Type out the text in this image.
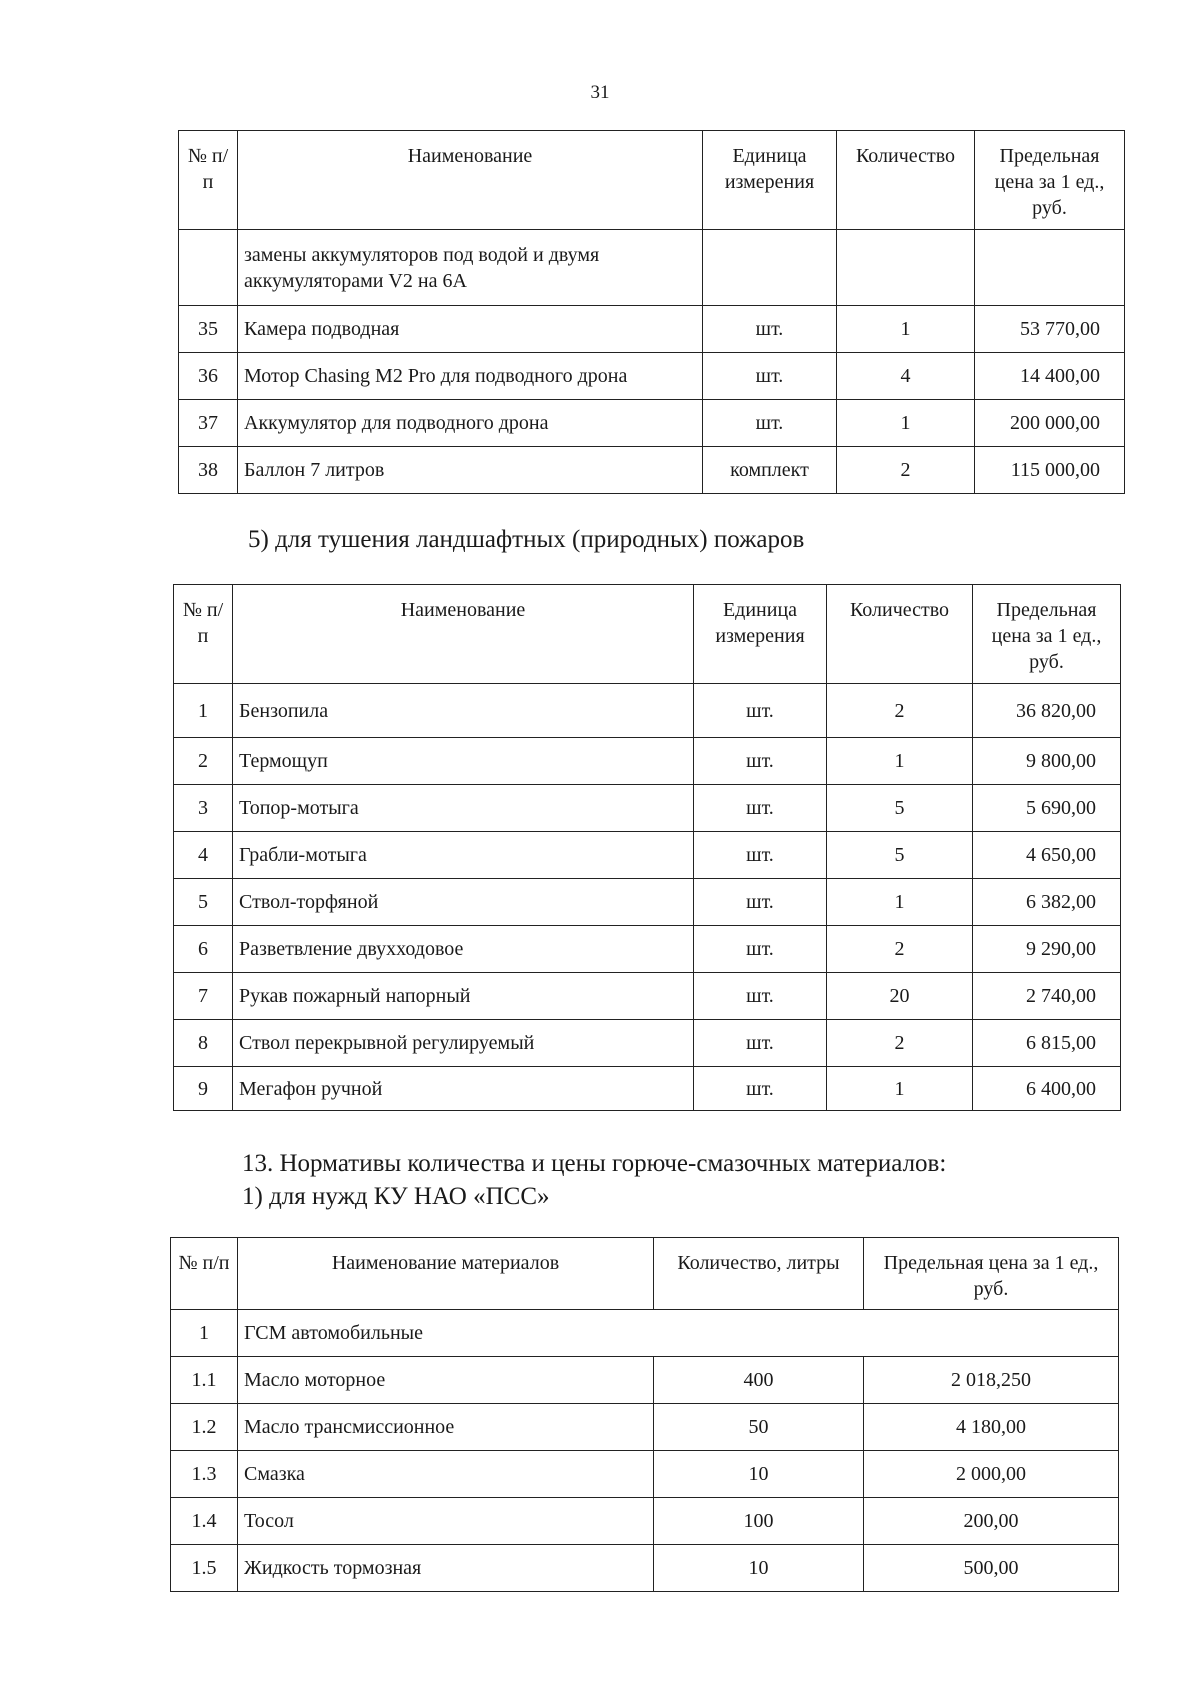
31
№ п/п	Наименование	Единица измерения	Количество	Предельная цена за 1 ед., руб.
	замены аккумуляторов под водой и двумя аккумуляторами V2 на 6А			
35	Камера подводная	шт.	1	53 770,00
36	Мотор Chasing M2 Pro для подводного дрона	шт.	4	14 400,00
37	Аккумулятор для подводного дрона	шт.	1	200 000,00
38	Баллон 7 литров	комплект	2	115 000,00
5) для тушения ландшафтных (природных) пожаров
№ п/п	Наименование	Единица измерения	Количество	Предельная цена за 1 ед., руб.
1	Бензопила	шт.	2	36 820,00
2	Термощуп	шт.	1	9 800,00
3	Топор-мотыга	шт.	5	5 690,00
4	Грабли-мотыга	шт.	5	4 650,00
5	Ствол-торфяной	шт.	1	6 382,00
6	Разветвление двухходовое	шт.	2	9 290,00
7	Рукав пожарный напорный	шт.	20	2 740,00
8	Ствол перекрывной регулируемый	шт.	2	6 815,00
9	Мегафон ручной	шт.	1	6 400,00
13. Нормативы количества и цены горюче-смазочных материалов:
1) для нужд КУ НАО «ПСС»
№ п/п	Наименование материалов	Количество, литры	Предельная цена за 1 ед., руб.
1	ГСМ автомобильные		
1.1	Масло моторное	400	2 018,250
1.2	Масло трансмиссионное	50	4 180,00
1.3	Смазка	10	2 000,00
1.4	Тосол	100	200,00
1.5	Жидкость тормозная	10	500,00
